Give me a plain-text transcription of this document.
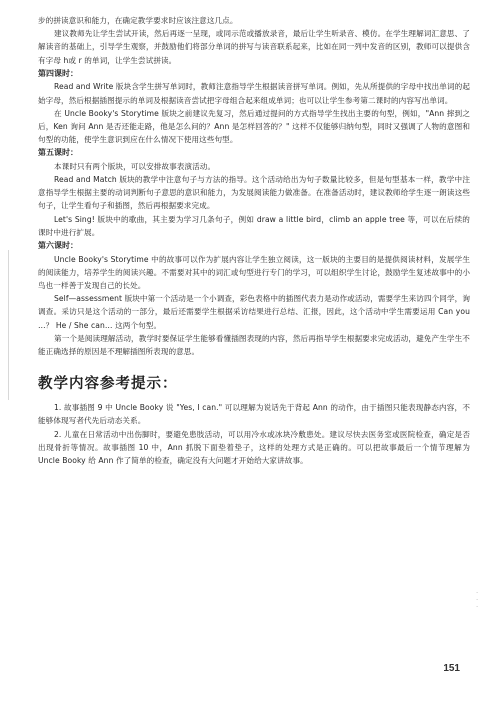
步的拼读意识和能力，在确定教学要求时应该注意这几点。

建议教师先让学生尝试开读，然后再逐一呈现，或同示范或播放录音，最后让学生听录音、模仿。在学生理解词汇意思、了解读音的基础上，引导学生观察，并鼓励他们将部分单词的拼写与读音联系起来，比如在同一列中发音的区别，教师可以提供含有字母 h或 r 的单词，让学生尝试拼读。

第四课时：

Read and Write 版块含学生拼写单词时，教师注意指导学生根据读音拼写单词。例如，先从所提供的字母中找出单词的起始字母，然后根据插图提示的单词及根据读音尝试把字母组合起来组成单词；也可以让学生参考第二课时的内容写出单词。

在 Uncle Booky's Storytime 版块之前建议先复习，然后通过提问的方式指导学生找出主要的句型，例如，"Ann 摔到之后，Ken 询问 Ann 是否还能走路，他是怎么问的？Ann 是怎样回答的？" 这样不仅能够归纳句型，同时又强调了人物的意图和句型的功能，使学生意识到应在什么情况下使用这些句型。

第五课时：

本课时只有两个版块，可以安排故事表演活动。

Read and Match 版块的教学中注意句子与方法的指导。这个活动给出为句子数量比较多，但是句型基本一样，教学中注意指导学生根据主要的动词判断句子意思的意识和能力，为发展阅读能力做准备。在准备活动时，建议教师给学生逐一朗读这些句子，让学生看句子和插图，然后再根据要求完成。

Let's Sing! 版块中的歌曲，其主要为学习几条句子，例如 draw a little bird，climb an apple tree 等，可以在后续的课时中进行扩展。

第六课时：

Uncle Booky's Storytime 中的故事可以作为扩展内容让学生独立阅读，这一版块的主要目的是提供阅读材料，发展学生的阅读能力，培养学生的阅读兴趣。不需要对其中的词汇或句型进行专门的学习，可以组织学生讨论，鼓励学生复述故事中的小鸟也一样善于发现自己的长处。

Self—assessment 版块中第一个活动是一个小调查，彩色表格中的插图代表力是动作或活动，需要学生来访四个同学，询调查。采访只是这个活动的一部分，最后还需要学生根据采访结果进行总结、汇报，因此，这个活动中学生需要运用 Can you …？ He / She can… 这两个句型。

第一个是阅读理解活动，教学时要保证学生能够看懂插图表现的内容，然后再指导学生根据要求完成活动，避免产生学生不能正确选择的原因是不理解插图所表现的意思。

教学内容参考提示：

1. 故事插图 9 中 Uncle Booky 说 "Yes, I can." 可以理解为说话先于背起 Ann 的动作，由于插图只能表现静态内容，不能够体现写者代先后动态关系。

2. 儿童在日常活动中出伤脚时，要避免患肢活动，可以用冷水或冰块冷敷患处。建议尽快去医务室或医院检查，确定是否出现骨折等情况。故事插图 10 中，Ann 抓脱下面垫着垫子，这样的处理方式是正确的。可以把故事最后一个情节理解为 Uncle Booky 给 Ann 作了简单的检查，确定没有大问题才开始给大家讲故事。

·
·
·
151
